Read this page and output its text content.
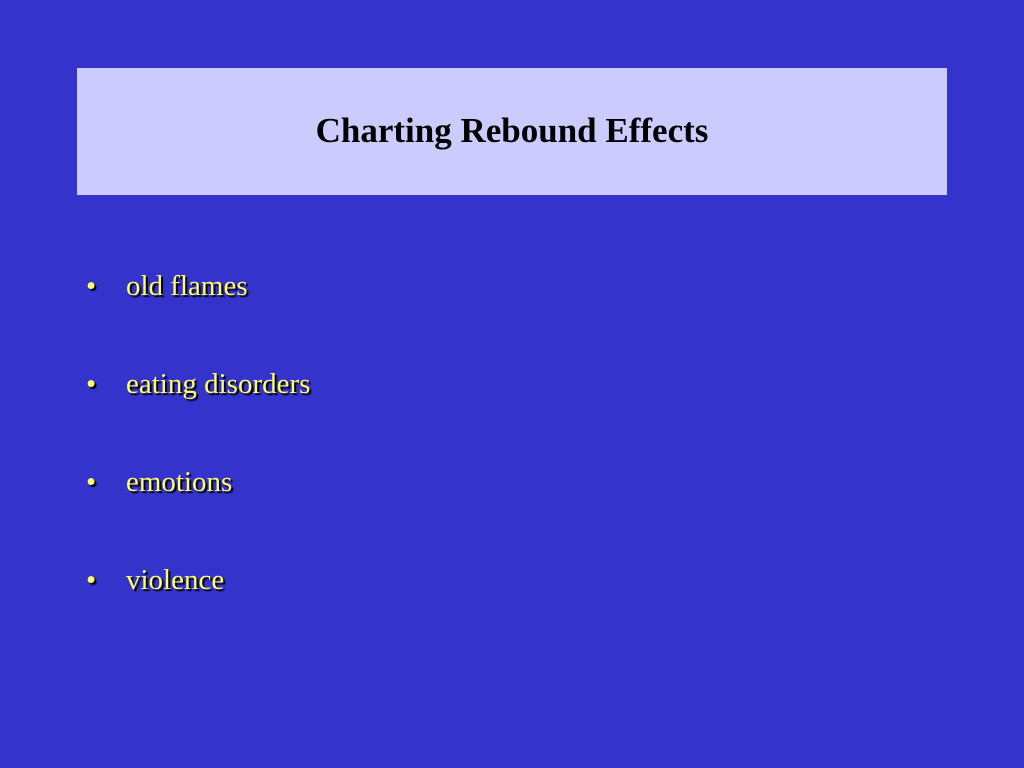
Charting Rebound Effects
•	old flames
•	eating disorders
•	emotions
•	violence
